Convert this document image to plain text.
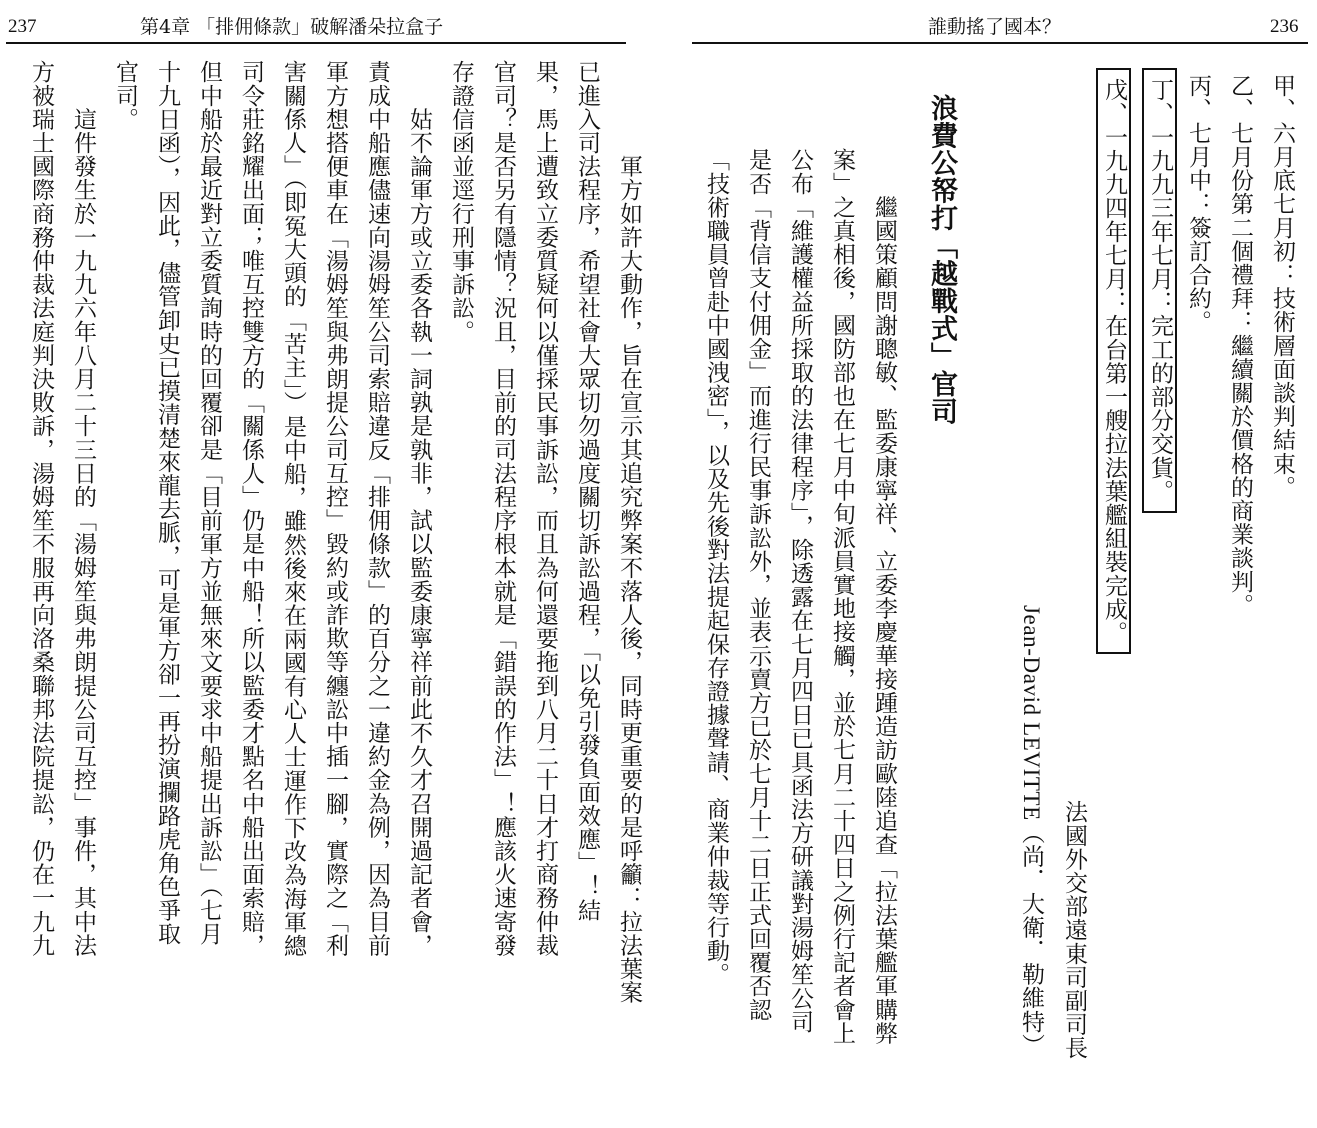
237	第4章 「排佣條款」破解潘朵拉盒子
　　　　軍方如許大動作，旨在宣示其追究弊案不落人後，同時更重要的是呼籲：拉法葉案
已進入司法程序，希望社會大眾切勿過度關切訴訟過程，「以免引發負面效應」！結
果，馬上遭致立委質疑何以僅採民事訴訟，而且為何還要拖到八月二十日才打商務仲裁
官司？是否另有隱情？況且，目前的司法程序根本就是「錯誤的作法」！應該火速寄發
存證信函並逕行刑事訴訟。
　　姑不論軍方或立委各執一詞孰是孰非，試以監委康寧祥前此不久才召開過記者會，
責成中船應儘速向湯姆笙公司索賠違反「排佣條款」的百分之一違約金為例，因為目前
軍方想搭便車在「湯姆笙與弗朗提公司互控」毀約或詐欺等纏訟中插一腳，實際之「利
害關係人」（即冤大頭的「苦主」）是中船，雖然後來在兩國有心人士運作下改為海軍總
司令莊銘耀出面；唯互控雙方的「關係人」仍是中船！所以監委才點名中船出面索賠，
但中船於最近對立委質詢時的回覆卻是「目前軍方並無來文要求中船提出訴訟」（七月
十九日函），因此，儘管卸史已摸清楚來龍去脈，可是軍方卻一再扮演攔路虎角色爭取
官司。
　　這件發生於一九九六年八月二十三日的「湯姆笙與弗朗提公司互控」事件，其中法
方被瑞士國際商務仲裁法庭判決敗訴，湯姆笙不服再向洛桑聯邦法院提訟，仍在一九九
誰動搖了國本？	236
甲、六月底七月初：技術層面談判結束。
乙、七月份第二個禮拜：繼續關於價格的商業談判。
丙、七月中：簽訂合約。
丁、一九九三年七月：完工的部分交貨。
戊、一九九四年七月：在台第一艘拉法葉艦組裝完成。
法國外交部遠東司副司長
Jean-David LEVITTE（尚．大衛．勒維特）
浪費公帑打「越戰式」官司
　　繼國策顧問謝聰敏、監委康寧祥、立委李慶華接踵造訪歐陸追查「拉法葉艦軍購弊
案」之真相後，國防部也在七月中旬派員實地接觸，並於七月二十四日之例行記者會上
公布「維護權益所採取的法律程序」，除透露在七月四日已具函法方研議對湯姆笙公司
是否「背信支付佣金」而進行民事訴訟外，並表示賣方已於七月十二日正式回覆否認
「技術職員曾赴中國洩密」，以及先後對法提起保存證據聲請、商業仲裁等行動。
